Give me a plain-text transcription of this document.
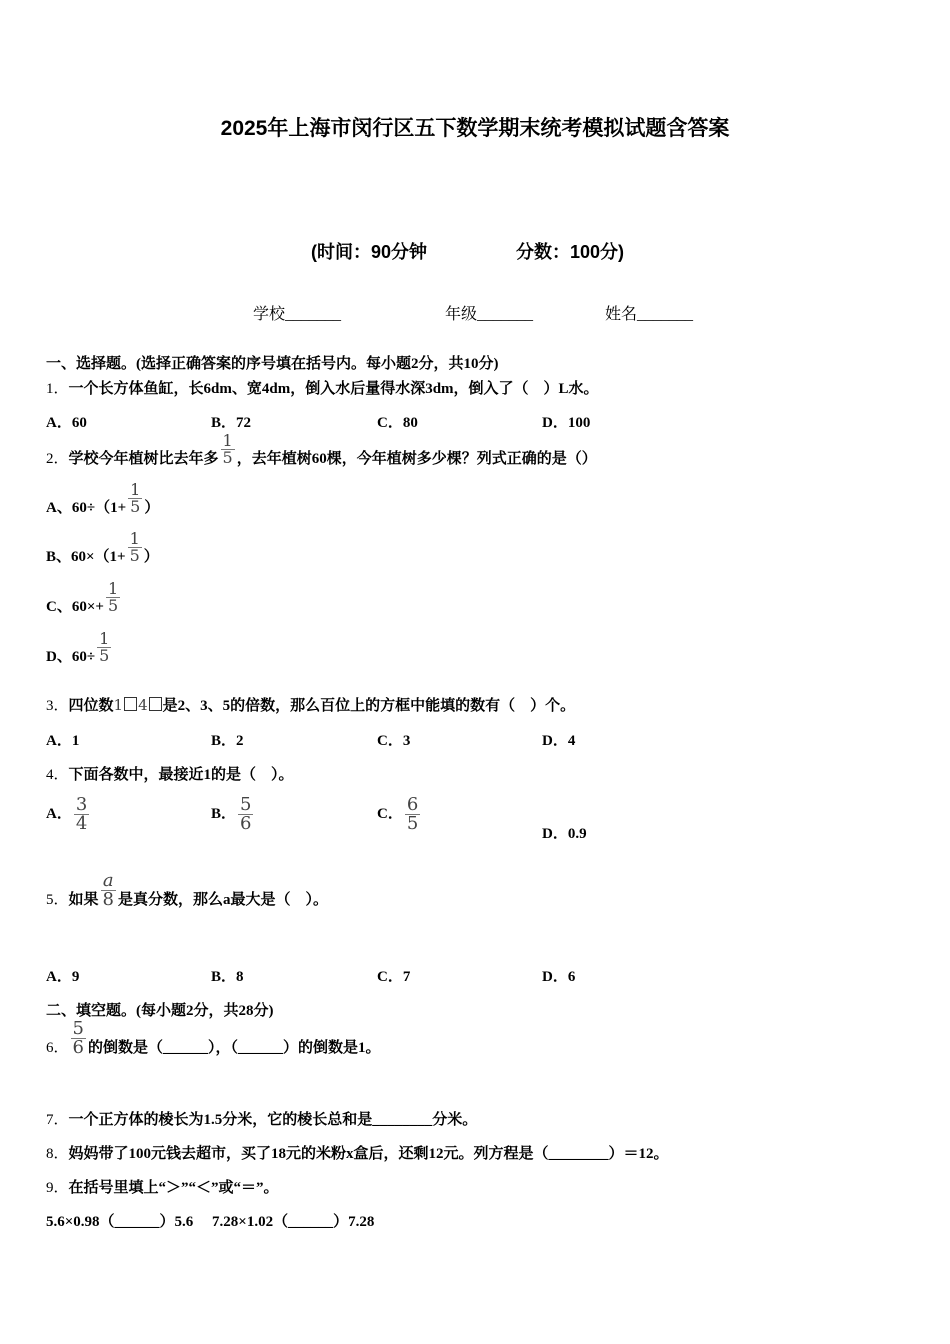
2025年上海市闵行区五下数学期末统考模拟试题含答案
(时间：90分钟	分数：100分)
学校_______	年级_______	姓名_______
一、选择题。(选择正确答案的序号填在括号内。每小题2分，共10分)
1．一个长方体鱼缸，长6dm、宽4dm，倒入水后量得水深3dm，倒入了（　）L水。
A．60	B．72	C．80	D．100
2．学校今年植树比去年多 $\frac{1}{5}$ ，去年植树60棵，今年植树多少棵？列式正确的是（）
A、$60\div(1+ \frac{1}{5}$ ）
B、$60\times(1+ \frac{1}{5}$ ）
C、$60\times+ \frac{1}{5}$
D、$60\div \frac{1}{5}$
3．四位数1 4 是2、3、5的倍数，那么百位上的方框中能填的数有（　）个。
A．1	B．2	C．3	D．4
4．下面各数中，最接近1的是（　）。
A． $\frac{3}{4}$	B． $\frac{5}{6}$	C． $\frac{6}{5}$
D．0.9
5．如果 $\frac{a}{8}$ 是真分数，那么a最大是（　）。
A．9	B．8	C．7	D．6
二、填空题。(每小题2分，共28分)
6． $\frac{5}{6}$ 的倒数是（______），（______）的倒数是1。
7．一个正方体的棱长为1.5分米，它的棱长总和是________分米。
8．妈妈带了100元钱去超市，买了18元的米粉x盒后，还剩12元。列方程是（________）＝12。
9．在括号里填上“＞”“＜”或“＝”。
5.6×0.98（______）5.6　 7.28×1.02（______）7.28
